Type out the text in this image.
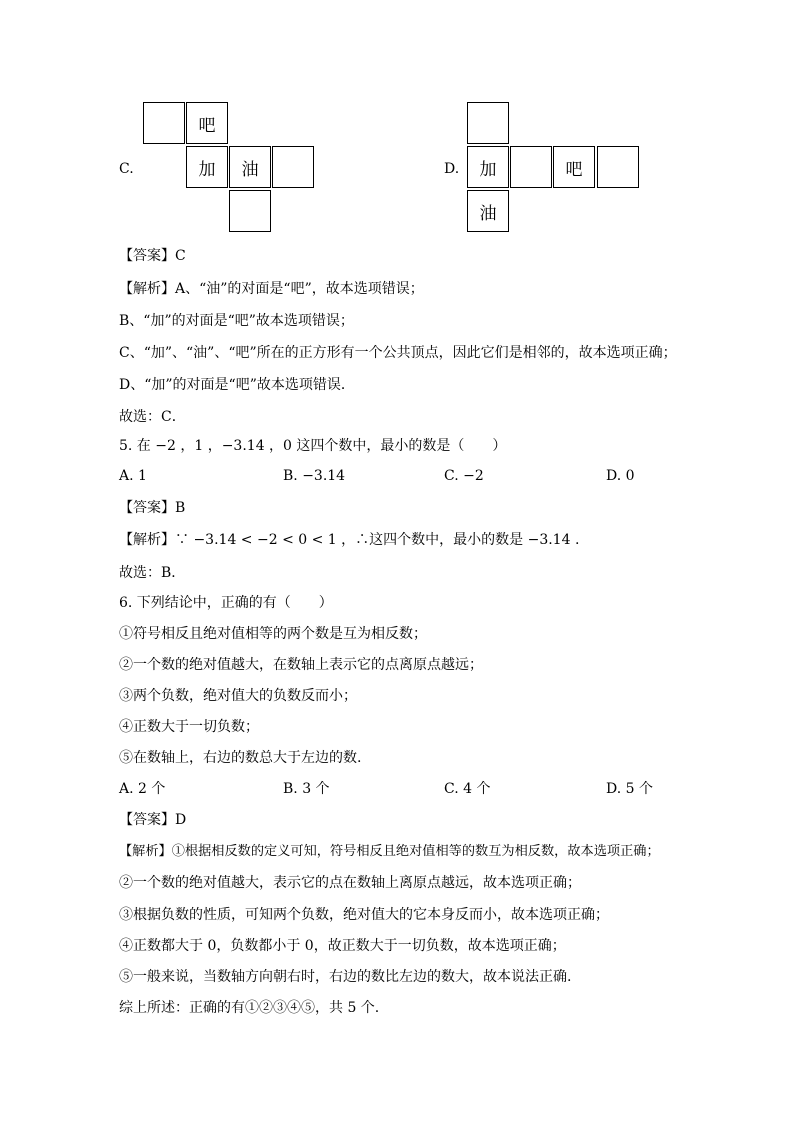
C.
吧
加	油	D.	加	吧
油
【答案】C
【解析】A、“油”的对面是“吧”，故本选项错误；
B、“加”的对面是“吧”故本选项错误；
C、“加”、“油”、“吧”所在的正方形有一个公共顶点，因此它们是相邻的，故本选项正确；
D、“加”的对面是“吧”故本选项错误．
故选：C．
5. 在 −2 ，1 ，−3.14 ，0 这四个数中，最小的数是（　　）
A. 1	B. −3.14	C. −2	D. 0
【答案】B
【解析】∵ −3.14 < −2 < 0 < 1 ，∴这四个数中，最小的数是 −3.14 .
故选：B．
6. 下列结论中，正确的有（　　）
①符号相反且绝对值相等的两个数是互为相反数；
②一个数的绝对值越大，在数轴上表示它的点离原点越远；
③两个负数，绝对值大的负数反而小；
④正数大于一切负数；
⑤在数轴上，右边的数总大于左边的数.
A. 2 个	B. 3 个	C. 4 个	D. 5 个
【答案】D
【解析】①根据相反数的定义可知，符号相反且绝对值相等的数互为相反数，故本选项正确；
②一个数的绝对值越大，表示它的点在数轴上离原点越远，故本选项正确；
③根据负数的性质，可知两个负数，绝对值大的它本身反而小，故本选项正确；
④正数都大于 0，负数都小于 0，故正数大于一切负数，故本选项正确；
⑤一般来说，当数轴方向朝右时，右边的数比左边的数大，故本说法正确.
综上所述：正确的有①②③④⑤，共 5 个.
